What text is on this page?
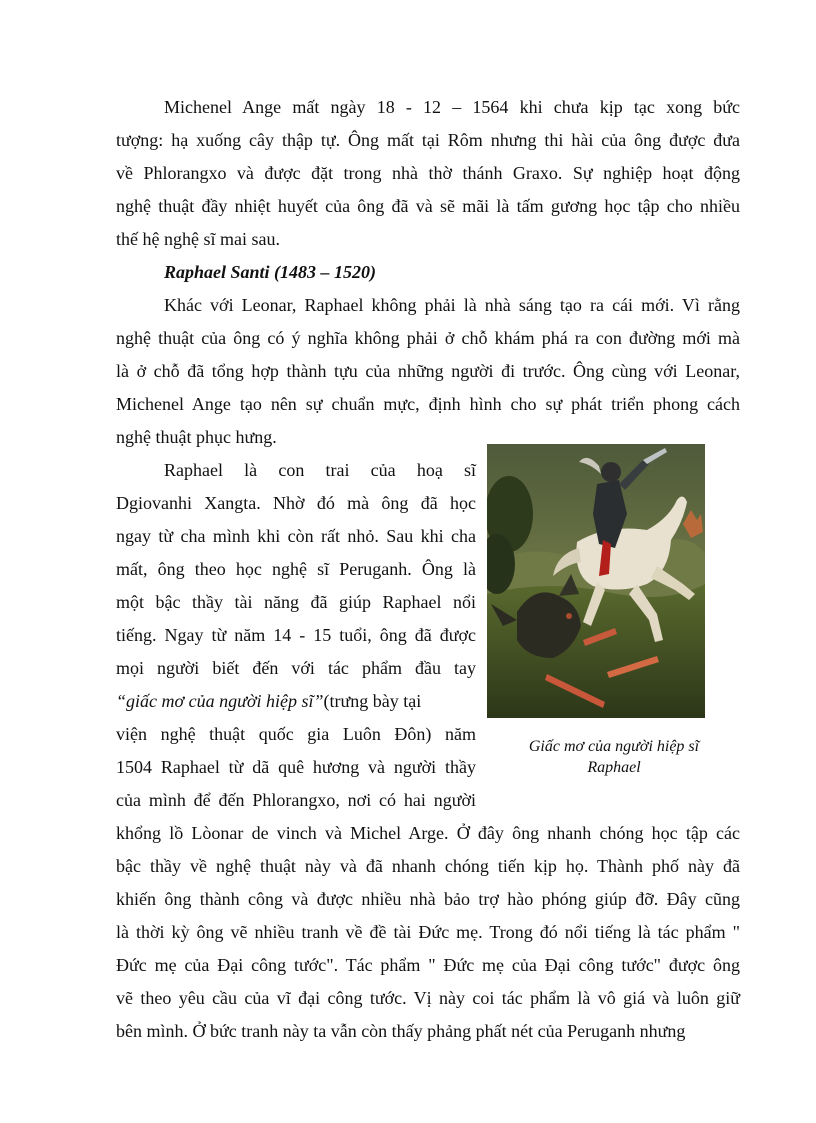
Michenel Ange mất ngày 18 - 12 – 1564 khi chưa kịp tạc xong bức
tượng: hạ xuống cây thập tự. Ông mất tại Rôm nhưng thi hài của ông được đưa
về Phlorangxo và được đặt trong nhà thờ thánh Graxo. Sự nghiệp hoạt động
nghệ thuật đầy nhiệt huyết của ông đã và sẽ mãi là tấm gương học tập cho nhiều
thế hệ nghệ sĩ mai sau.
Raphael Santi (1483 – 1520)
Khác với Leonar, Raphael không phải là nhà sáng tạo ra cái mới. Vì rằng
nghệ thuật của ông có ý nghĩa không phải ở chỗ khám phá ra con đường mới mà
là ở chỗ đã tổng hợp thành tựu của những người đi trước. Ông cùng với Leonar,
Michenel Ange tạo nên sự chuẩn mực, định hình cho sự phát triển phong cách
nghệ thuật phục hưng.
Raphael là con trai của hoạ sĩ
Dgiovanhi Xangta. Nhờ đó mà ông đã học
ngay từ cha mình khi còn rất nhỏ. Sau khi cha
mất, ông theo học nghệ sĩ Peruganh. Ông là
một bậc thầy tài năng đã giúp Raphael nổi
tiếng. Ngay từ năm 14 - 15 tuổi, ông đã được
mọi người biết đến với tác phẩm đầu tay
“giấc mơ của người hiệp sĩ”(trưng bày tại
viện nghệ thuật quốc gia Luôn Đôn) năm
1504 Raphael từ dã quê hương và người thầy
của mình để đến Phlorangxo, nơi có hai người
khổng lồ Lòonar de vinch và Michel Arge. Ở đây ông nhanh chóng học tập các
bậc thầy về nghệ thuật này và đã nhanh chóng tiến kịp họ. Thành phố này đã
khiến ông thành công và được nhiều nhà bảo trợ hào phóng giúp đỡ. Đây cũng
là thời kỳ ông vẽ nhiều tranh về đề tài Đức mẹ. Trong đó nổi tiếng là tác phẩm "
Đức mẹ của Đại công tước". Tác phẩm " Đức mẹ của Đại công tước" được ông
vẽ theo yêu cầu của vĩ đại công tước. Vị này coi tác phẩm là vô giá và luôn giữ
bên mình. Ở bức tranh này ta vẫn còn thấy phảng phất nét của Peruganh nhưng
Giấc mơ của người hiệp sĩ
Raphael
